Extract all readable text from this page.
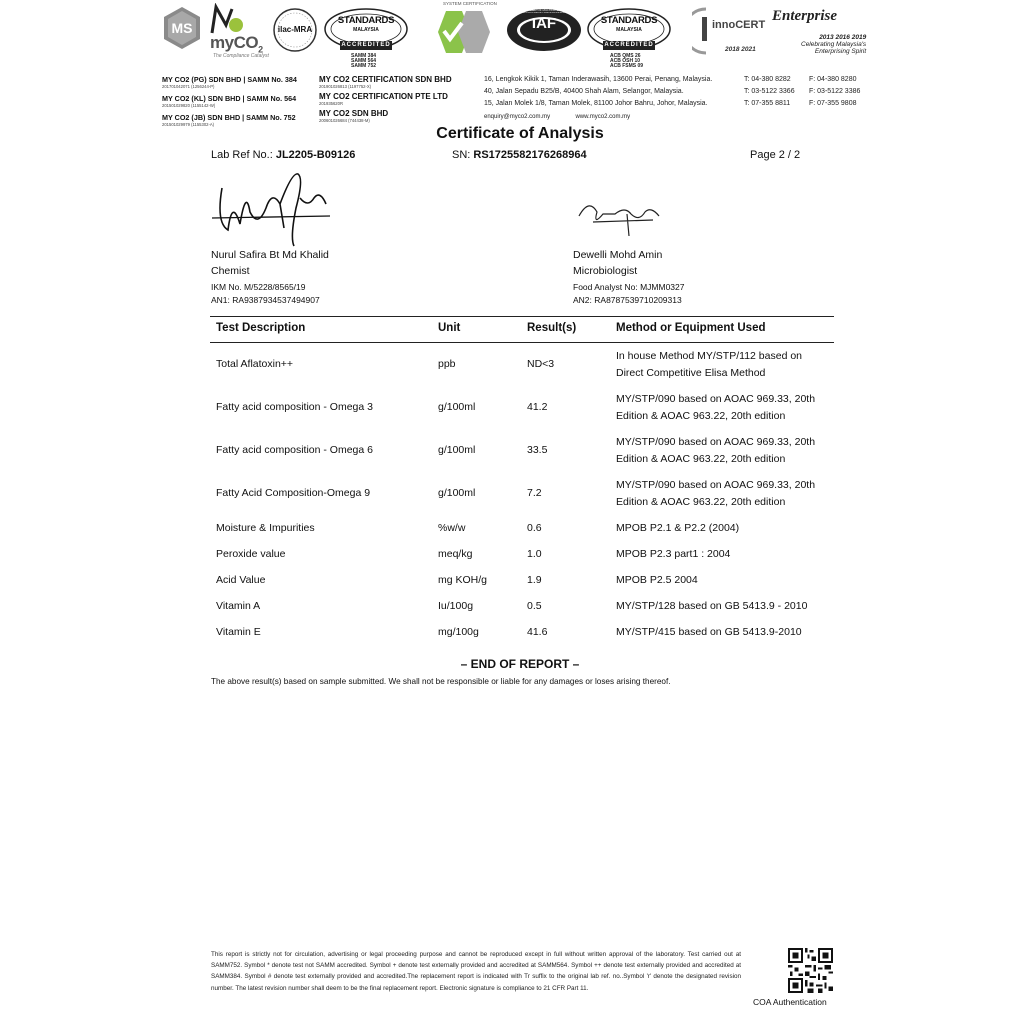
MS
myCO$_2$
The Compliance Catalyst
ilac-MRA
STANDARDS
MALAYSIA
ACCREDITED
SAMM 384
SAMM 564
SAMM 752
SYSTEM CERTIFICATION
IAF
MEMBER OF MULTILATERAL RECOGNITION ARRANGEMENT
STANDARDS
MALAYSIA
ACCREDITED
ACB QMS 26
ACB OSH 10
ACB FSMS 09
innoCERT
2018 2021
Enterprise
2013 2016 2019
Celebrating Malaysia's
Enterprising Spirit
MY CO2 (PG) SDN BHD | SAMM No. 384
201701042071 (1256244-P)
MY CO2 (KL) SDN BHD | SAMM No. 564
201501029820 (1155142-W)
MY CO2 (JB) SDN BHD | SAMM No. 752
201501029979 (1155302-A)
MY CO2 CERTIFICATION SDN BHD
201901026813 (1197752-X)
MY CO2 CERTIFICATION PTE LTD
201935620R
MY CO2 SDN BHD
200601026684 (744438-M)
16, Lengkok Kikik 1, Taman Inderawasih, 13600 Perai, Penang, Malaysia.
40, Jalan Sepadu B25/B, 40400 Shah Alam, Selangor, Malaysia.
15, Jalan Molek 1/8, Taman Molek, 81100 Johor Bahru, Johor, Malaysia.
enquiry@myco2.com.my	www.myco2.com.my
T: 04-380 8282
T: 03-5122 3366
T: 07-355 8811
F: 04-380 8280
F: 03-5122 3386
F: 07-355 9808
Certificate of Analysis
Lab Ref No.: JL2205-B09126	SN: RS1725582176268964	Page 2 / 2
Nurul Safira Bt Md Khalid
Chemist
IKM No. M/5228/8565/19
AN1: RA9387934537494907
Dewelli Mohd Amin
Microbiologist
Food Analyst No: MJMM0327
AN2: RA8787539710209313
Test Description	Unit	Result(s)	Method or Equipment Used
Total Aflatoxin++	ppb	ND<3	In house Method MY/STP/112 based on
Direct Competitive Elisa Method

Fatty acid composition - Omega 3	g/100ml	41.2	MY/STP/090 based on AOAC 969.33, 20th
Edition & AOAC 963.22, 20th edition

Fatty acid composition - Omega 6	g/100ml	33.5	MY/STP/090 based on AOAC 969.33, 20th
Edition & AOAC 963.22, 20th edition

Fatty Acid Composition-Omega 9	g/100ml	7.2	MY/STP/090 based on AOAC 969.33, 20th
Edition & AOAC 963.22, 20th edition

Moisture & Impurities	%w/w	0.6	MPOB P2.1 & P2.2 (2004)
Peroxide value	meq/kg	1.0	MPOB P2.3 part1 : 2004
Acid Value	mg KOH/g	1.9	MPOB P2.5 2004
Vitamin A	Iu/100g	0.5	MY/STP/128 based on GB 5413.9 - 2010
Vitamin E	mg/100g	41.6	MY/STP/415 based on GB 5413.9-2010
– END OF REPORT –
The above result(s) based on sample submitted. We shall not be responsible or liable for any damages or loses arising thereof.
This report is strictly not for circulation, advertising or legal proceeding purpose and cannot be reproduced except in full without written approval of the laboratory. Test carried out at SAMM752. Symbol * denote test not SAMM accredited. Symbol + denote test externally provided and accredited at SAMM564. Symbol ++ denote test externally provided and accredited at SAMM384. Symbol # denote test externally provided and accredited.The replacement report is indicated with Tr suffix to the original lab ref. no..Symbol 'r' denote the designated revision number. The latest revision number shall deem to be the final replacement report. Electronic signature is compliance to 21 CFR Part 11.
COA Authentication
